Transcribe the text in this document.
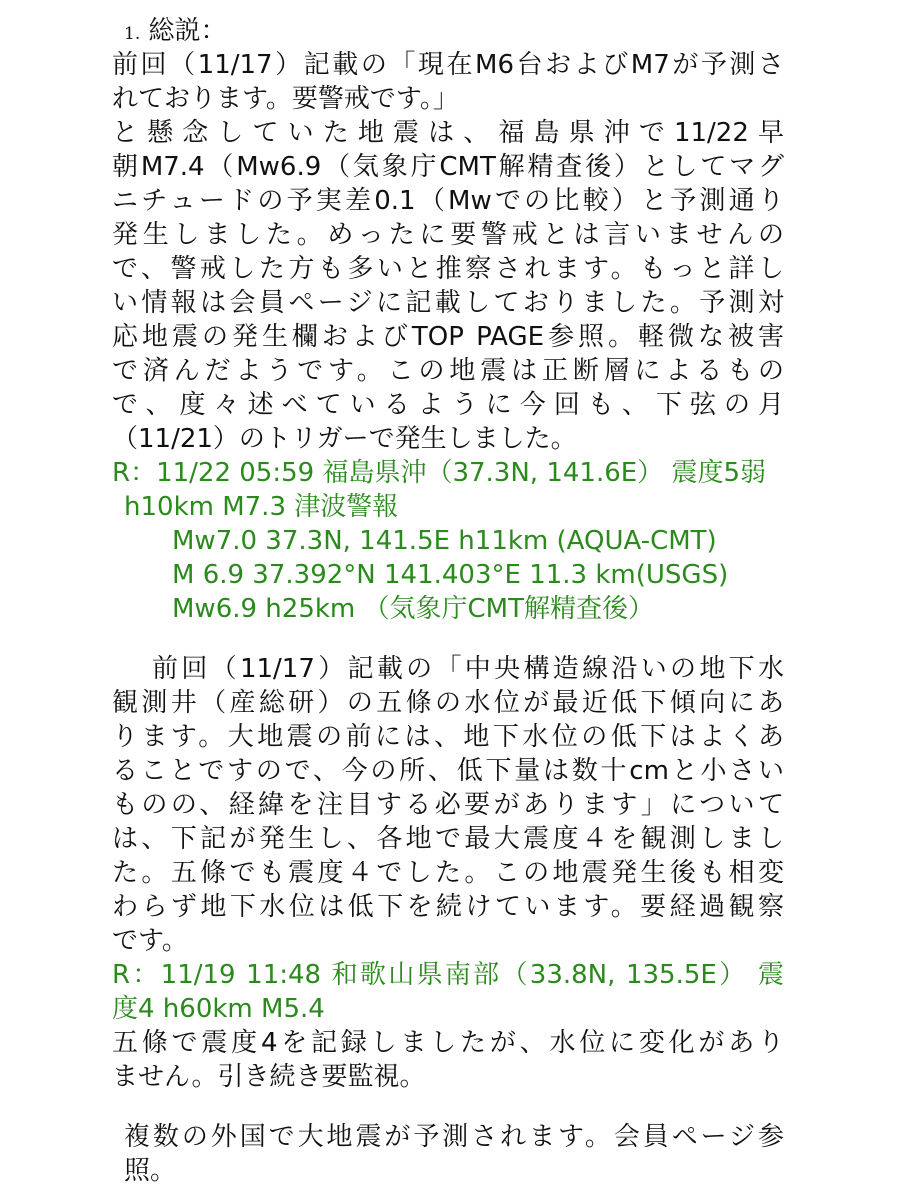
1. 総説：

前回（11/17）記載の「現在M6台およびM7が予測さ

れております。要警戒です。」

と懸念していた地震は、福島県沖で11/22早

朝M7.4（Mw6.9（気象庁CMT解精査後）としてマグ

ニチュードの予実差0.1（Mwでの比較）と予測通り

発生しました。めったに要警戒とは言いませんの

で、警戒した方も多いと推察されます。もっと詳し

い情報は会員ページに記載しておりました。予測対

応地震の発生欄およびTOP PAGE参照。軽微な被害

で済んだようです。この地震は正断層によるもの

で、度々述べているように今回も、下弦の月

（11/21）のトリガーで発生しました。

R：11/22 05:59 福島県沖（37.3N, 141.6E） 震度5弱

h10km M7.3 津波警報

Mw7.0 37.3N, 141.5E h11km (AQUA-CMT)

M 6.9 37.392°N 141.403°E 11.3 km(USGS)

Mw6.9 h25km （気象庁CMT解精査後）

前回（11/17）記載の「中央構造線沿いの地下水

観測井（産総研）の五條の水位が最近低下傾向にあ

ります。大地震の前には、地下水位の低下はよくあ

ることですので、今の所、低下量は数十cmと小さい

ものの、経緯を注目する必要があります」について

は、下記が発生し、各地で最大震度４を観測しまし

た。五條でも震度４でした。この地震発生後も相変

わらず地下水位は低下を続けています。要経過観察

です。

R：11/19 11:48 和歌山県南部（33.8N, 135.5E） 震

度4 h60km M5.4

五條で震度4を記録しましたが、水位に変化があり

ません。引き続き要監視。

複数の外国で大地震が予測されます。会員ページ参

照。
